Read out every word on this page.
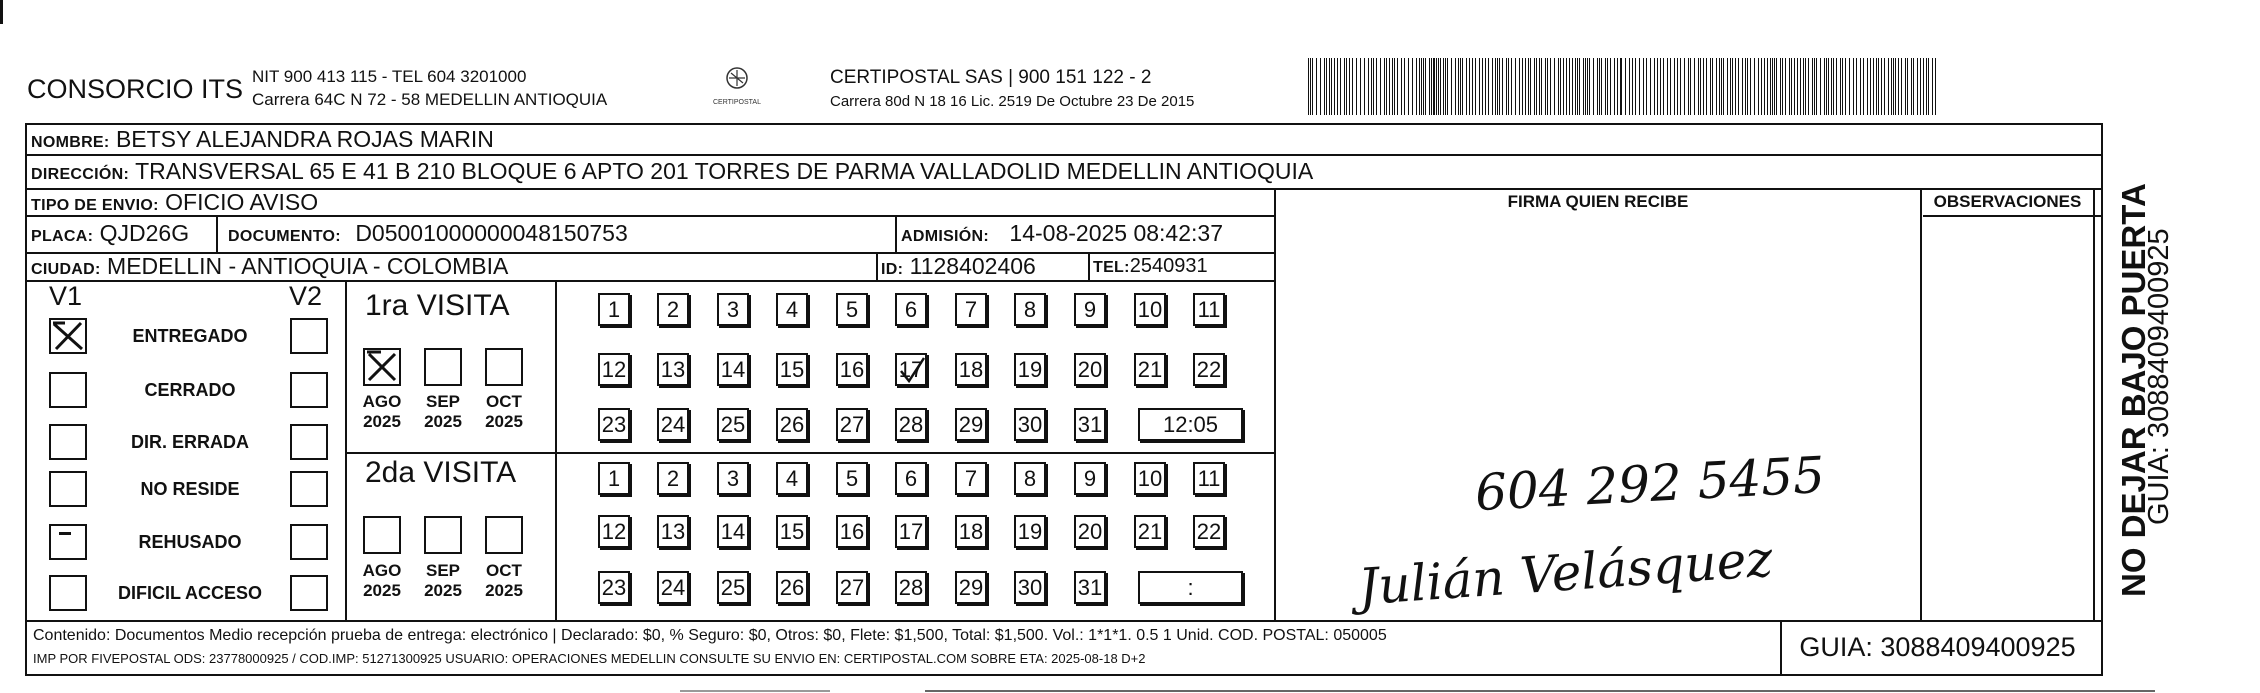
CONSORCIO ITS NIT 900 413 115 - TEL 604 3201000
Carrera 64C N 72 - 58 MEDELLIN ANTIOQUIA	CERTIPOSTAL
CERTIPOSTAL SAS | 900 151 122 - 2
Carrera 80d N 18 16 Lic. 2519 De Octubre 23 De 2015
NOMBRE: BETSY ALEJANDRA ROJAS MARIN
DIRECCIÓN: TRANSVERSAL 65 E 41 B 210 BLOQUE 6 APTO 201 TORRES DE PARMA VALLADOLID MEDELLIN ANTIOQUIA
TIPO DE ENVIO: OFICIO AVISO
PLACA: QJD26G DOCUMENTO: D05001000000048150753	ADMISIÓN: 14-08-2025 08:42:37
CIUDAD: MEDELLIN - ANTIOQUIA - COLOMBIA	ID: 1128402406	TEL:2540931
FIRMA QUIEN RECIBE	OBSERVACIONES
V1	V2
ENTREGADO
CERRADO
DIR. ERRADA
NO RESIDE
REHUSADO
DIFICIL ACCESO
1ra VISITA
2da VISITA
AGO
2025
SEP
2025
OCT
2025
AGO
2025
SEP
2025
OCT
2025
1	2	3	4	5	6	7	8	9	10 11
12 13 14 15 16 17 18 19 20 21 22
23 24 25 26 27 28 29 30 31	12:05
1	2	3	4	5	6	7	8	9	10 11
12 13 14 15 16 17 18 19 20 21 22
23 24 25 26 27 28 29 30 31	:
604 292 5455
Julián Velásquez	NO DEJAR BAJO PUERTA
GUIA: 3088409400925
Contenido: Documentos Medio recepción prueba de entrega: electrónico | Declarado: $0, % Seguro: $0, Otros: $0, Flete: $1,500, Total: $1,500. Vol.: 1*1*1. 0.5 1 Unid. COD. POSTAL: 050005
IMP POR FIVEPOSTAL ODS: 23778000925 / COD.IMP: 51271300925 USUARIO: OPERACIONES MEDELLIN CONSULTE SU ENVIO EN: CERTIPOSTAL.COM SOBRE ETA: 2025-08-18 D+2	GUIA: 3088409400925
